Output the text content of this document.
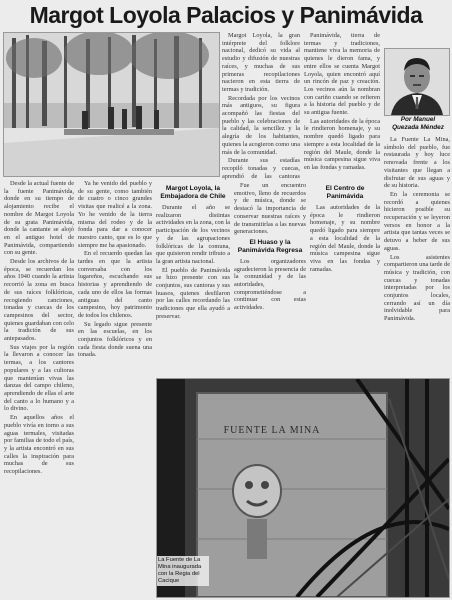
Margot Loyola Palacios y Panimávida

Margot Loyola, la gran intérprete del folklore nacional, dedicó su vida al estudio y difusión de nuestras raíces, y muchas de sus primeras recopilaciones nacieron en esta tierra de termas y tradición.

Recordada por los vecinos más antiguos, su figura acompañó las fiestas del pueblo y las celebraciones de la calidad, la sencillez y la alegría de los habitantes, quienes la acogieron como una más de la comunidad.

Durante sus estadías recopiló tonadas y cuecas, aprendió de las cantoras

Panimávida, tierra de termas y tradiciones, mantiene viva la memoria de quienes le dieron fama, y entre ellos se cuenta Margot Loyola, quien encontró aquí un rincón de paz y creación. Los vecinos aún la nombran con cariño cuando se refieren a la historia del pueblo y de su antigua fuente.

Las autoridades de la época le rindieron homenaje, y su nombre quedó ligado para siempre a esta localidad de la región del Maule, donde la música campesina sigue viva en las fondas y ramadas.

Por Manuel
Quezada Méndez

La Fuente La Mina, símbolo del pueblo, fue restaurada y hoy luce renovada frente a los visitantes que llegan a disfrutar de sus aguas y de su historia.

En la ceremonia se recordó a quienes hicieron posible su recuperación y se leyeron versos en honor a la artista que tantas veces se detuvo a beber de sus aguas.

Los asistentes compartieron una tarde de música y tradición, con cuecas y tonadas interpretadas por los conjuntos locales, cerrando así un día inolvidable para Panimávida.

Desde la actual fuente de la fuente Panimávida, donde en su tiempo de alojamiento recibe el nombre de Margot Loyola de su grata Panimávida, donde la cantante se alojó en el antiguo hotel de Panimávida, compartiendo con su gente.

Desde los archivos de la época, se recuerdan los años 1940 cuando la artista recorrió la zona en busca de sus raíces folklóricas, recogiendo canciones, tonadas y cuecas de los campesinos del sector, quienes guardaban con celo la tradición de sus antepasados.

Sus viajes por la región la llevaron a conocer las termas, a los cantores populares y a las cultoras que mantenían vivas las danzas del campo chileno, aprendiendo de ellas el arte del canto a lo humano y a lo divino.

En aquellos años el pueblo vivía en torno a sus aguas termales, visitadas por familias de todo el país, y la artista encontró en sus calles la inspiración para muchas de sus recopilaciones.

Ya he venido del pueblo y de su gente, como también de cuatro o cinco grandes visitas que realicé a la zona. Yo he venido de la tierra misma del rodeo y de la fonda para dar a conocer nuestro canto, que es lo que siempre me ha apasionado.

En el recuerdo quedan las tardes en que la artista conversaba con los lugareños, escuchando sus historias y aprendiendo de cada uno de ellos las formas antiguas del canto campesino, hoy patrimonio de todos los chilenos.

Su legado sigue presente en las escuelas, en los conjuntos folklóricos y en cada fiesta donde suena una tonada.

Margot Loyola, la Embajadora de Chile

Durante el año se realizaron distintas actividades en la zona, con la participación de los vecinos y de las agrupaciones folklóricas de la comuna, que quisieron rendir tributo a la gran artista nacional.

El pueblo de Panimávida se hizo presente con sus conjuntos, sus cantoras y sus huasos, quienes desfilaron por las calles recordando las tradiciones que ella ayudó a preservar.

Fue un encuentro emotivo, lleno de recuerdos y de música, donde se destacó la importancia de conservar nuestras raíces y de transmitirlas a las nuevas generaciones.

El Huaso y la Panimávida Regresa

Los organizadores agradecieron la presencia de la comunidad y de las autoridades, comprometiéndose a continuar con estas actividades.

El Centro de Panimávida

Las autoridades de la época le rindieron homenaje, y su nombre quedó ligado para siempre a esta localidad de la región del Maule, donde la música campesina sigue viva en las fondas y ramadas.

FUENTE LA MINA
La Fuente de La Mina inaugurada con la Regia del Cacique
